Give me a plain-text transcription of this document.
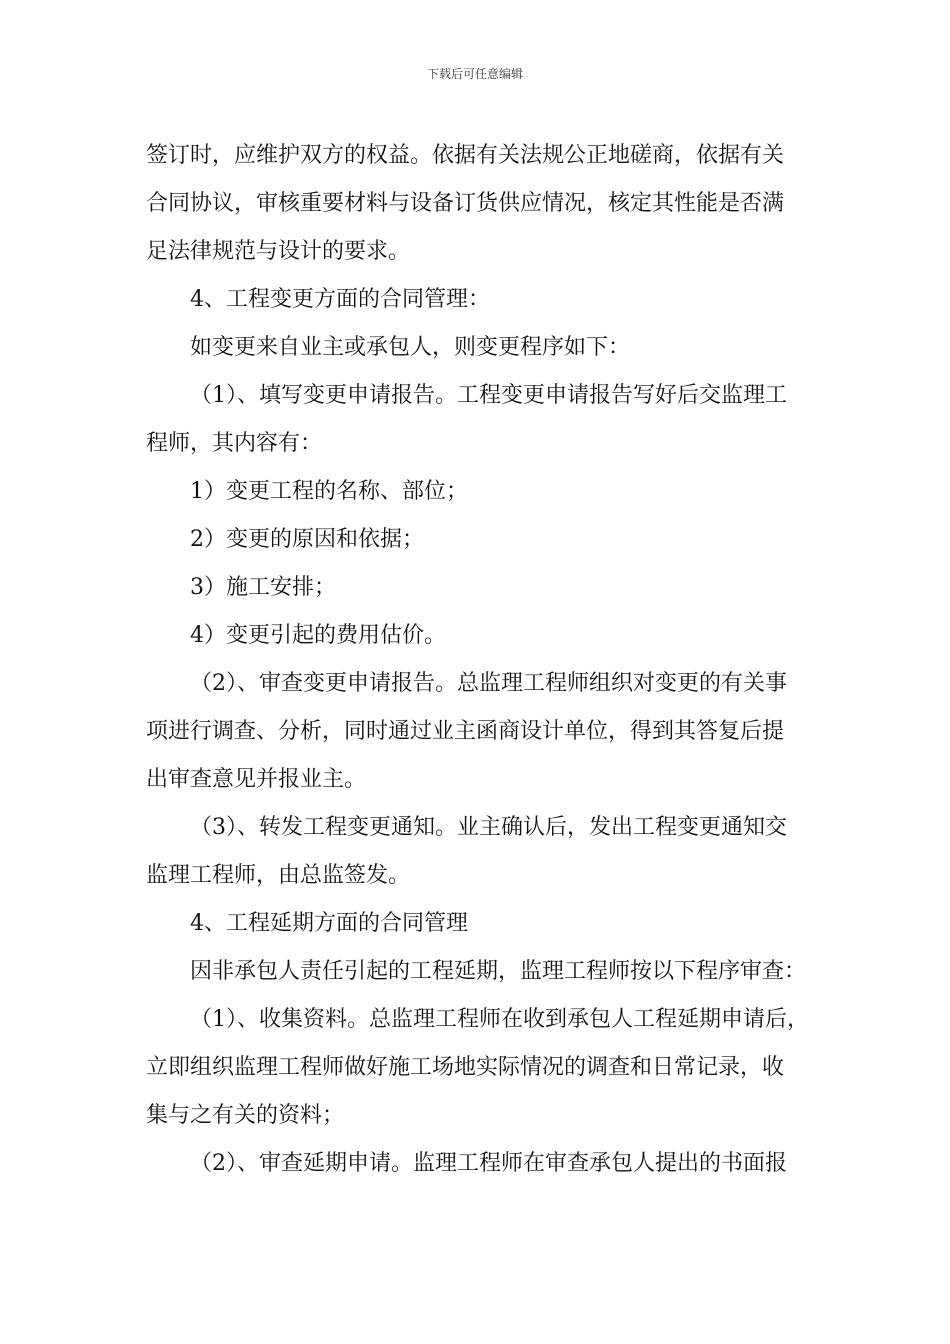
下载后可任意编辑
签订时，应维护双方的权益。依据有关法规公正地磋商，依据有关
合同协议，审核重要材料与设备订货供应情况，核定其性能是否满
足法律规范与设计的要求。
4、工程变更方面的合同管理：
如变更来自业主或承包人，则变更程序如下：
（1）、填写变更申请报告。工程变更申请报告写好后交监理工
程师，其内容有：
1）变更工程的名称、部位；
2）变更的原因和依据；
3）施工安排；
4）变更引起的费用估价。
（2）、审查变更申请报告。总监理工程师组织对变更的有关事
项进行调查、分析，同时通过业主函商设计单位，得到其答复后提
出审查意见并报业主。
（3）、转发工程变更通知。业主确认后，发出工程变更通知交
监理工程师，由总监签发。
4、工程延期方面的合同管理
因非承包人责任引起的工程延期，监理工程师按以下程序审查：
（1）、收集资料。总监理工程师在收到承包人工程延期申请后，
立即组织监理工程师做好施工场地实际情况的调查和日常记录，收
集与之有关的资料；
（2）、审查延期申请。监理工程师在审查承包人提出的书面报
